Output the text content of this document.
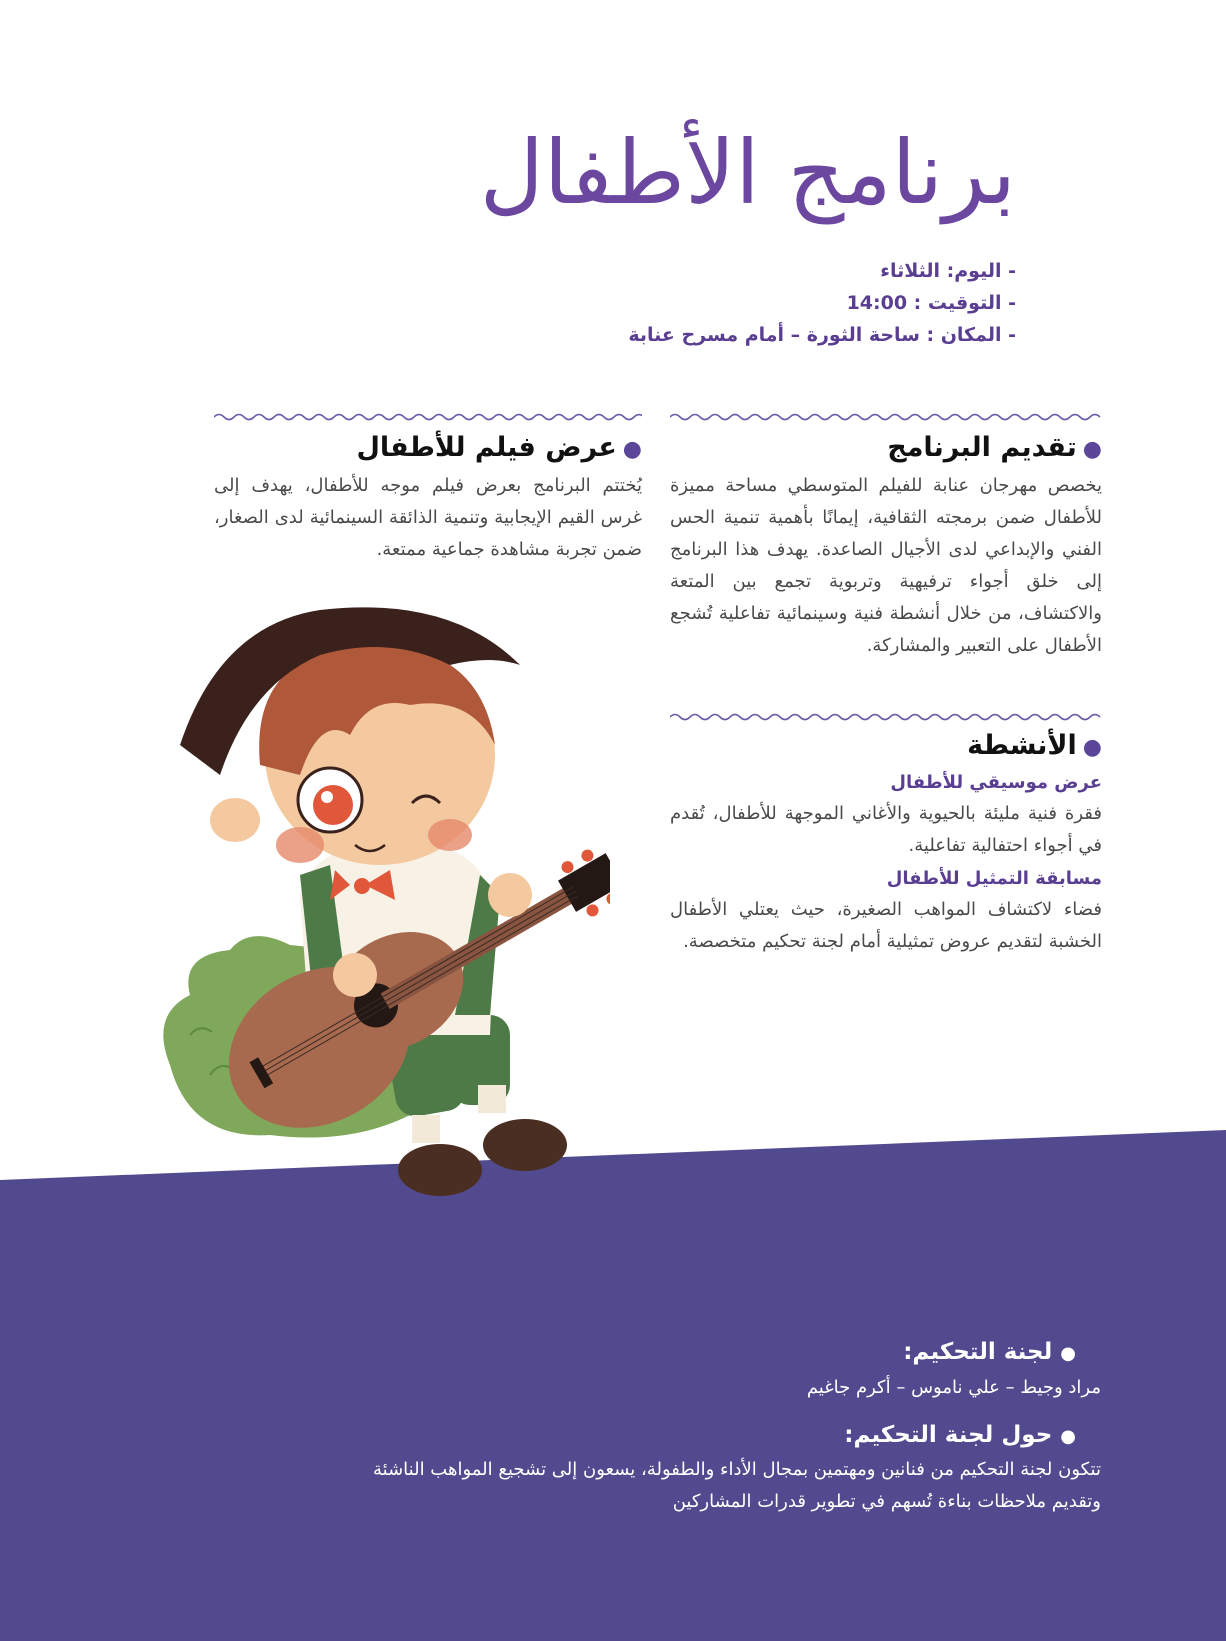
برنامج الأطفال
- اليوم: الثلاثاء
- التوقيت : 14:00
- المكان : ساحة الثورة – أمام مسرح عنابة
●تقديم البرنامج
يخصص مهرجان عنابة للفيلم المتوسطي مساحة مميزة للأطفال ضمن برمجته الثقافية، إيمانًا بأهمية تنمية الحس الفني والإبداعي لدى الأجيال الصاعدة. يهدف هذا البرنامج إلى خلق أجواء ترفيهية وتربوية تجمع بين المتعة والاكتشاف، من خلال أنشطة فنية وسينمائية تفاعلية تُشجع الأطفال على التعبير والمشاركة.
●الأنشطة
عرض موسيقي للأطفال
فقرة فنية مليئة بالحيوية والأغاني الموجهة للأطفال، تُقدم في أجواء احتفالية تفاعلية.
مسابقة التمثيل للأطفال
فضاء لاكتشاف المواهب الصغيرة، حيث يعتلي الأطفال الخشبة لتقديم عروض تمثيلية أمام لجنة تحكيم متخصصة.
●عرض فيلم للأطفال
يُختتم البرنامج بعرض فيلم موجه للأطفال، يهدف إلى غرس القيم الإيجابية وتنمية الذائقة السينمائية لدى الصغار، ضمن تجربة مشاهدة جماعية ممتعة.
●لجنة التحكيم:
مراد وجيط – علي ناموس – أكرم جاغيم
●حول لجنة التحكيم:
تتكون لجنة التحكيم من فنانين ومهتمين بمجال الأداء والطفولة، يسعون إلى تشجيع المواهب الناشئة وتقديم ملاحظات بناءة تُسهم في تطوير قدرات المشاركين
